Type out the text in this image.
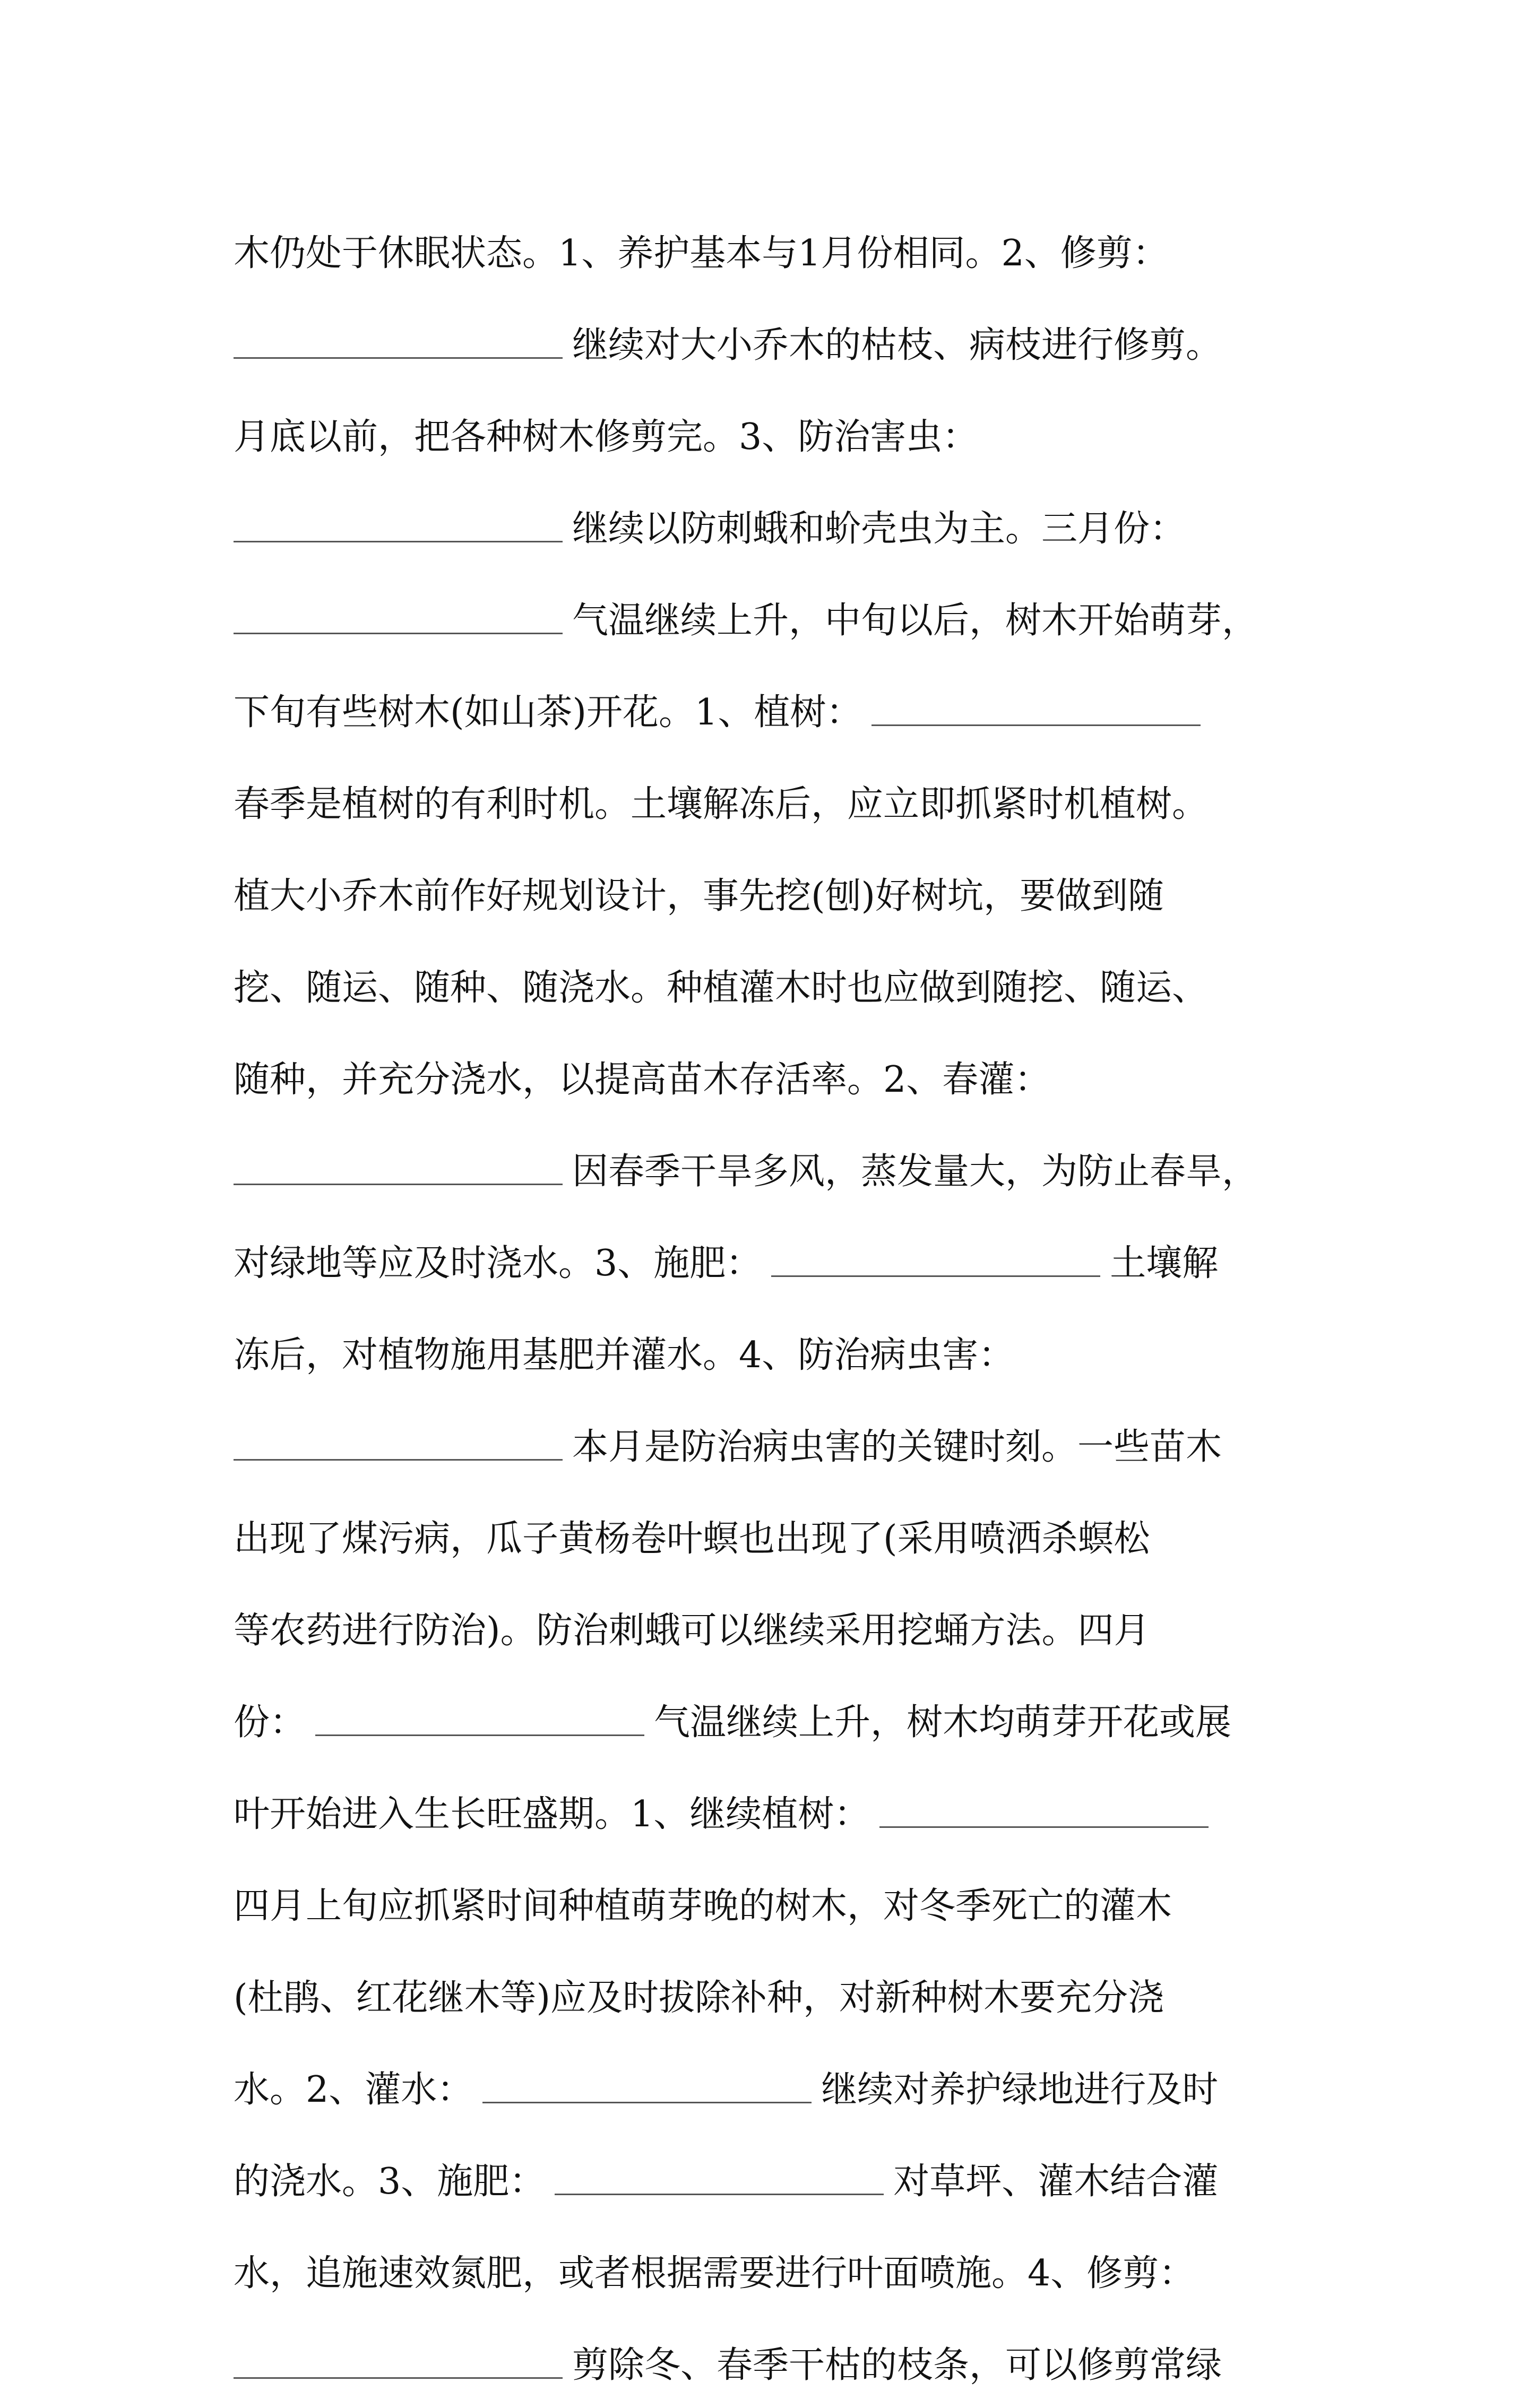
木仍处于休眠状态。1、养护基本与1月份相同。2、修剪：
继续对大小乔木的枯枝、病枝进行修剪。
月底以前，把各种树木修剪完。3、防治害虫：
继续以防刺蛾和蚧壳虫为主。三月份：
气温继续上升，中旬以后，树木开始萌芽，
下旬有些树木(如山茶)开花。1、植树：
春季是植树的有利时机。土壤解冻后，应立即抓紧时机植树。
植大小乔木前作好规划设计，事先挖(刨)好树坑，要做到随
挖、随运、随种、随浇水。种植灌木时也应做到随挖、随运、
随种，并充分浇水，以提高苗木存活率。2、春灌：
因春季干旱多风，蒸发量大，为防止春旱，
对绿地等应及时浇水。3、施肥：	土壤解
冻后，对植物施用基肥并灌水。4、防治病虫害：
本月是防治病虫害的关键时刻。一些苗木
出现了煤污病，瓜子黄杨卷叶螟也出现了(采用喷洒杀螟松
等农药进行防治)。防治刺蛾可以继续采用挖蛹方法。四月
份：	气温继续上升，树木均萌芽开花或展
叶开始进入生长旺盛期。1、继续植树：
四月上旬应抓紧时间种植萌芽晚的树木，对冬季死亡的灌木
(杜鹃、红花继木等)应及时拔除补种，对新种树木要充分浇
水。2、灌水：	继续对养护绿地进行及时
的浇水。3、施肥：	对草坪、灌木结合灌
水，追施速效氮肥，或者根据需要进行叶面喷施。4、修剪：
剪除冬、春季干枯的枝条，可以修剪常绿
